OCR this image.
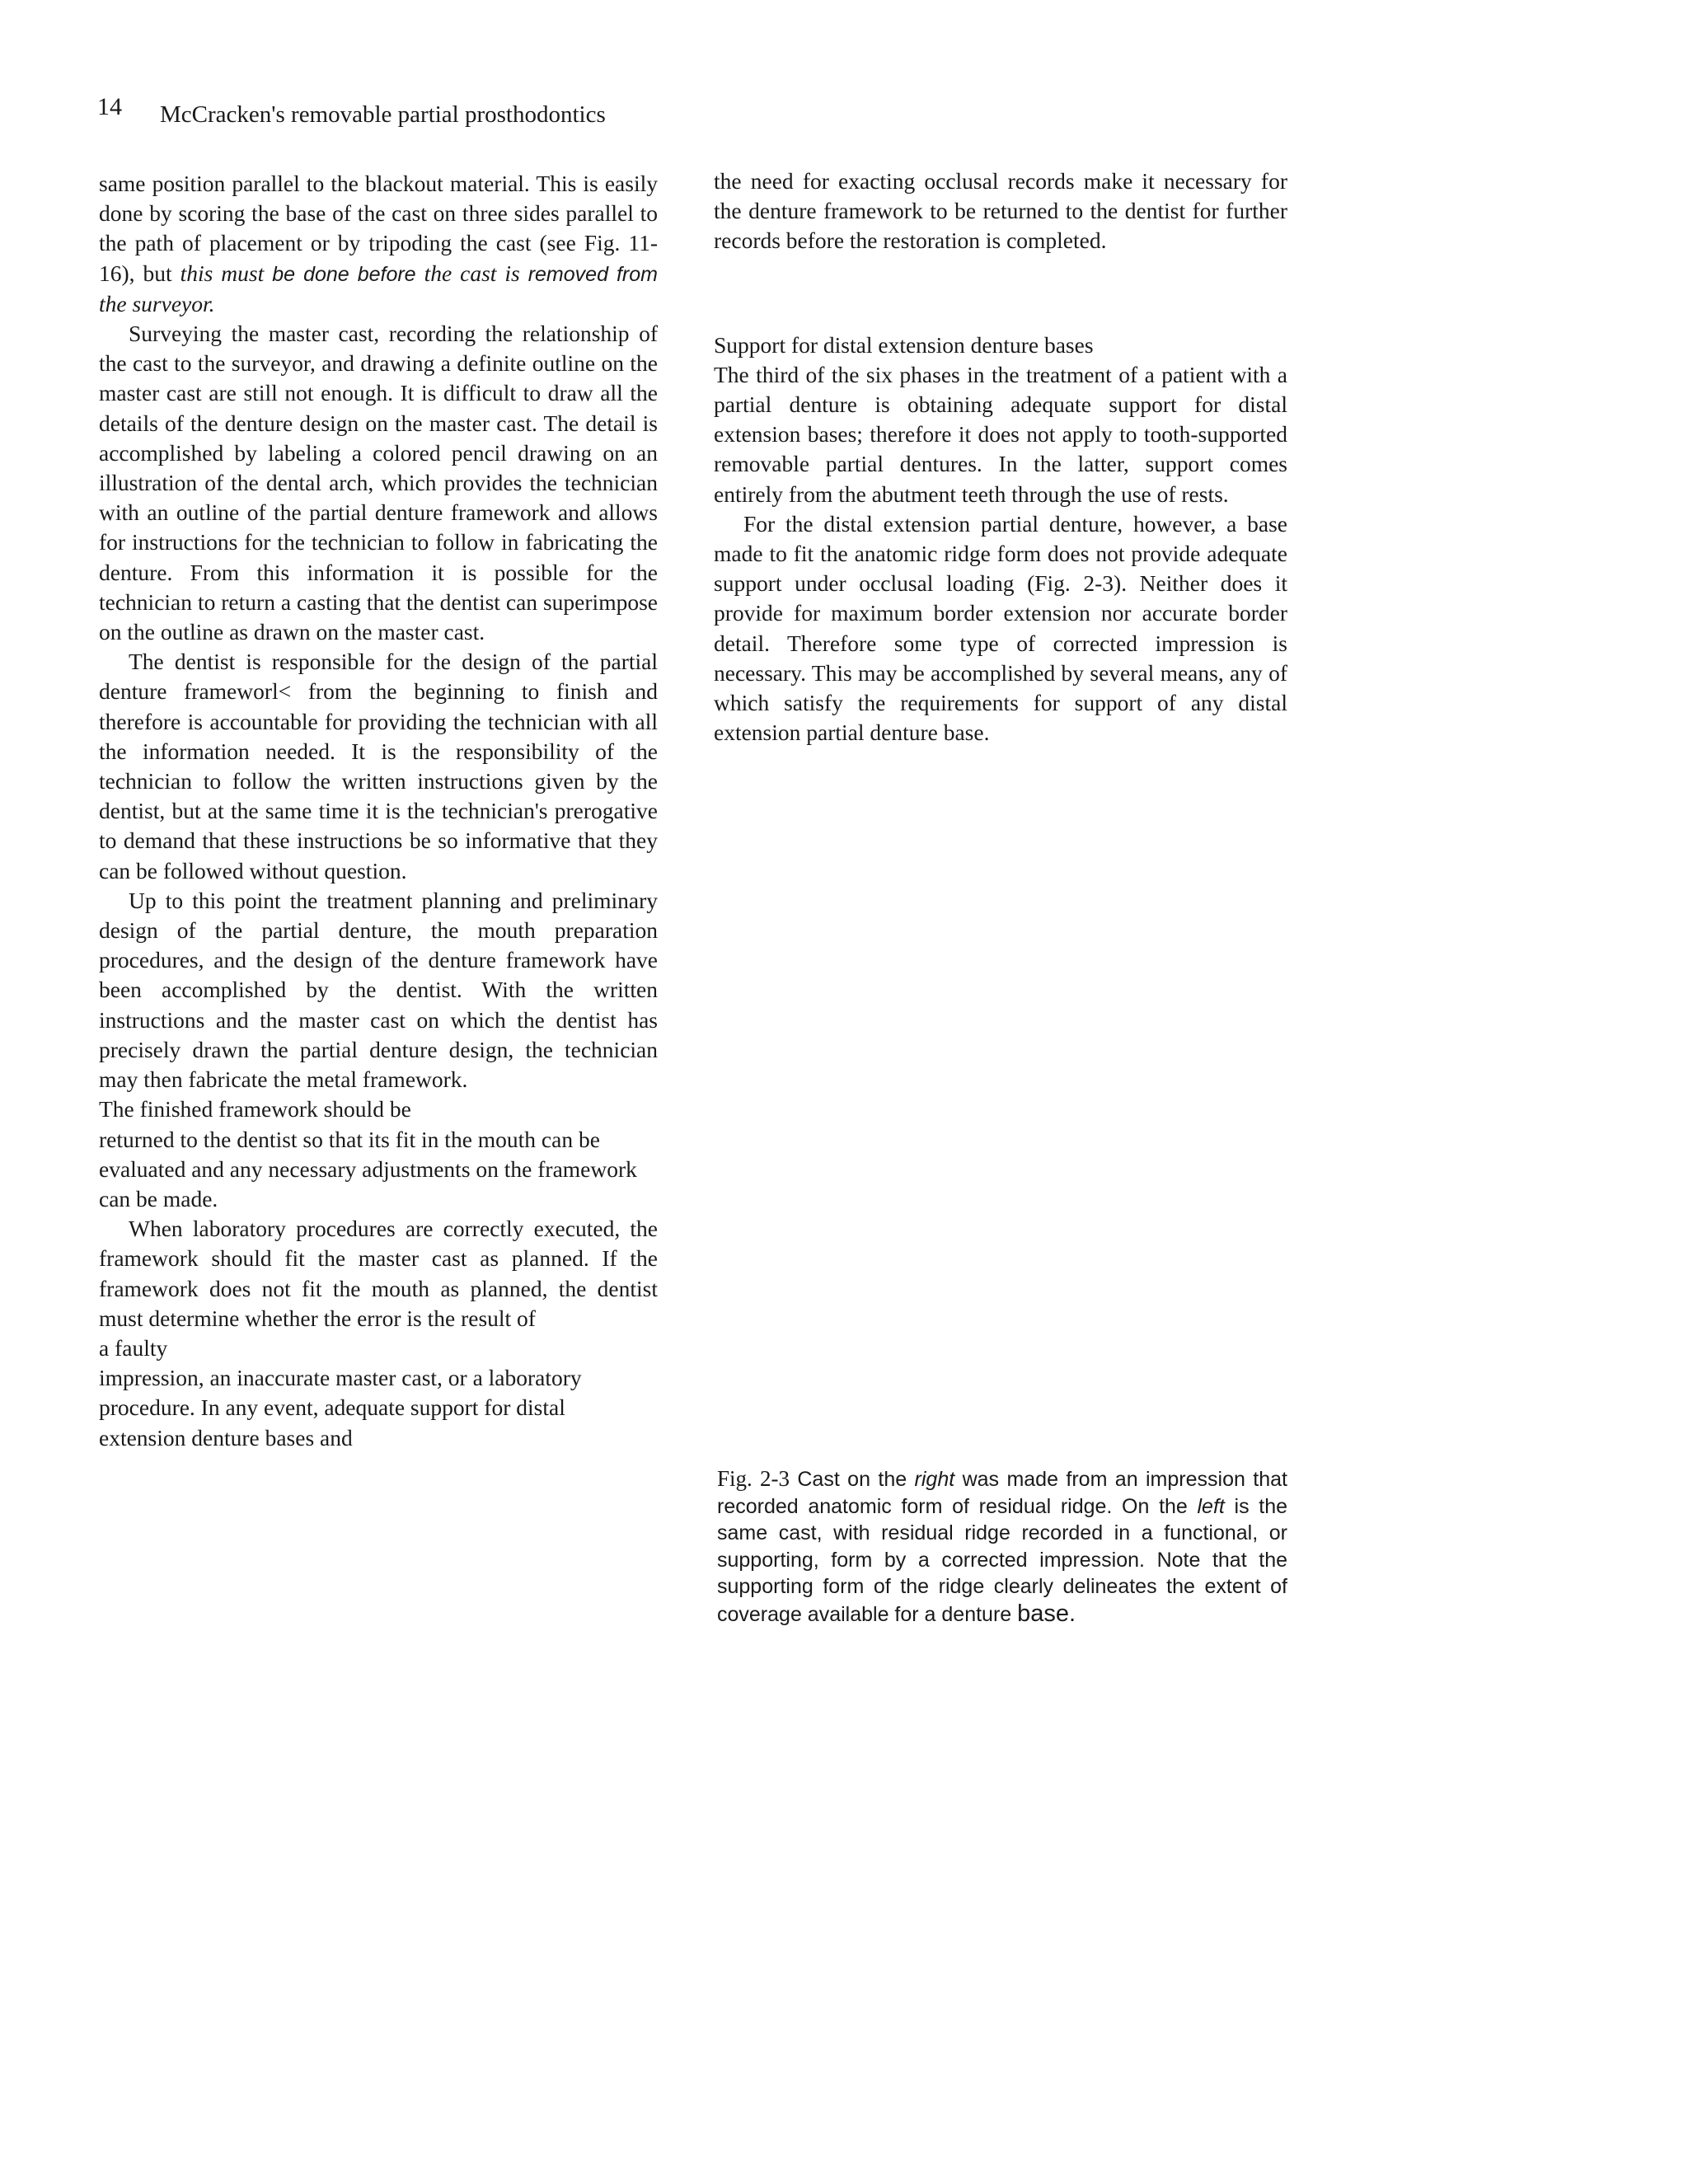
14 McCracken's removable partial prosthodontics

same position parallel to the blackout material. This is easily done by scoring the base of the cast on three sides parallel to the path of placement or by tripoding the cast (see Fig. 11-16), but this must be done before the cast is removed from the surveyor.

Surveying the master cast, recording the relationship of the cast to the surveyor, and drawing a definite outline on the master cast are still not enough. It is difficult to draw all the details of the denture design on the master cast. The detail is accomplished by labeling a colored pencil drawing on an illustration of the dental arch, which provides the technician with an outline of the partial denture framework and allows for instructions for the technician to follow in fabricating the denture. From this information it is possible for the technician to return a casting that the dentist can superimpose on the outline as drawn on the master cast.

The dentist is responsible for the design of the partial denture frameworl< from the beginning to finish and therefore is accountable for providing the technician with all the information needed. It is the responsibility of the technician to follow the written instructions given by the dentist, but at the same time it is the technician's prerogative to demand that these instructions be so informative that they can be followed without question.

Up to this point the treatment planning and preliminary design of the partial denture, the mouth preparation procedures, and the design of the denture framework have been accomplished by the dentist. With the written instructions and the master cast on which the dentist has precisely drawn the partial denture design, the technician may then fabricate the metal framework.

The finished framework should be

returned to the dentist so that its fit in the mouth can be

evaluated and any necessary adjustments on the framework

can be made.

When laboratory procedures are correctly executed, the framework should fit the master cast as planned. If the framework does not fit the mouth as planned, the dentist must determine whether the error is the result of

a faulty

impression, an inaccurate master cast, or a laboratory

procedure. In any event, adequate support for distal

extension denture bases and

the need for exacting occlusal records make it necessary for the denture framework to be returned to the dentist for further records before the restoration is completed.

Support for distal extension denture bases

The third of the six phases in the treatment of a patient with a partial denture is obtaining adequate support for distal extension bases; therefore it does not apply to tooth-supported removable partial dentures. In the latter, support comes entirely from the abutment teeth through the use of rests.

For the distal extension partial denture, however, a base made to fit the anatomic ridge form does not provide adequate support under occlusal loading (Fig. 2-3). Neither does it provide for maximum border extension nor accurate border detail. Therefore some type of corrected impression is necessary. This may be accomplished by several means, any of which satisfy the requirements for support of any distal extension partial denture base.

Fig. 2-3 Cast on the right was made from an impression that recorded anatomic form of residual ridge. On the left is the same cast, with residual ridge recorded in a functional, or supporting, form by a corrected impression. Note that the supporting form of the ridge clearly delineates the extent of coverage available for a denture base.
